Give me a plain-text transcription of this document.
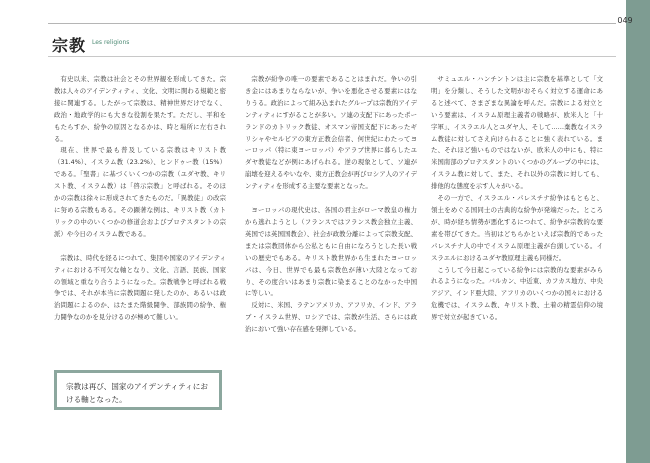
宗教 Les religions

有史以来、宗教は社会とその世界観を形成してきた。宗教は人々のアイデンティティ、文化、文明に関わる規範と密接に関連する。したがって宗教は、精神世界だけでなく、政治・地政学的にも大きな役割を果たす。ただし、平和をもたらすか、紛争の原因となるかは、時と場所に左右される。

現在、世界で最も普及している宗教はキリスト教（31.4%）、イスラム教（23.2%）、ヒンドゥー教（15%）である。「聖書」に基づくいくつかの宗教（ユダヤ教、キリスト教、イスラム教）は「啓示宗教」と呼ばれる。そのほかの宗教は徐々に形成されてきたものだ。「異教徒」の改宗に努める宗教もある。その顕著な例は、キリスト教（カトリックの中のいくつかの修道会およびプロテスタントの宗派）や今日のイスラム教である。

宗教は、時代を経るにつれて、集団や国家のアイデンティティにおける不可欠な軸となり、文化、言語、民族、国家の領域と重なり合うようになった。宗教戦争と呼ばれる戦争では、それが本当に宗教問題に発したのか、あるいは政治問題によるのか、はたまた階級闘争、部族間の紛争、権力闘争なのかを見分けるのが極めて難しい。

宗教は再び、国家のアイデンティティにおける軸となった。

宗教が紛争の唯一の要素であることはまれだ。争いの引き金にはあまりならないが、争いを悪化させる要素にはなりうる。政治によって組み込まれたグループは宗教的アイデンティティにすがることが多い。ソ連の支配下にあったポーランドのカトリック教徒、オスマン帝国支配下にあったギリシャやセルビアの東方正教会信者、何世紀にわたってヨーロッパ（特に東ヨーロッパ）やアラブ世界に暮らしたユダヤ教徒などが例にあげられる。逆の現象として、ソ連が崩壊を迎えるやいなや、東方正教会が再びロシア人のアイデンティティを形成する主要な要素となった。

ヨーロッパの現代史は、各国の君主がローマ教皇の権力から逃れようとし（フランスではフランス教会独立主義、英国では英国国教会）、社会が政教分離によって宗教支配、または宗教団体から公私ともに自由になろうとした長い戦いの歴史でもある。キリスト教世界から生まれたヨーロッパは、今日、世界でも最も宗教色が薄い大陸となっており、その度合いはあまり宗教に染まることのなかった中国に等しい。

反対に、米国、ラテンアメリカ、アフリカ、インド、アラブ・イスラム世界、ロシアでは、宗教が生活、さらには政治において強い存在感を発揮している。

サミュエル・ハンチントンは主に宗教を基準として「文明」を分類し、そうした文明がおそらく対立する運命にあると述べて、さまざまな異論を呼んだ。宗教による対立という要素は、イスラム原理主義者の戦略が、欧米人と「十字軍」、イスラエル人とユダヤ人、そして……棄教なイスラム教徒に対してさえ向けられることに強く表れている。また、それほど強いものではないが、欧米人の中にも、特に米国南部のプロテスタントのいくつかのグループの中には、イスラム教に対して、また、それ以外の宗教に対しても、排他的な態度を示す人々がいる。

その一方で、イスラエル・パレスチナ紛争はもともと、領土をめぐる国同士の古典的な紛争が発端だった。ところが、時が経ち情勢が悪化するにつれて、紛争が宗教的な要素を帯びてきた。当初はどちらかといえば宗教的であったパレスチナ人の中でイスラム原理主義が台頭している。イスラエルにおけるユダヤ教原理主義も同様だ。

こうして今日起こっている紛争には宗教的な要素がみられるようになった。バルカン、中近東、カフカス地方、中央アジア、インド亜大陸、アフリカのいくつかの国々における危機では、イスラム教、キリスト教、土着の精霊信仰の境界で対立が起きている。

049
